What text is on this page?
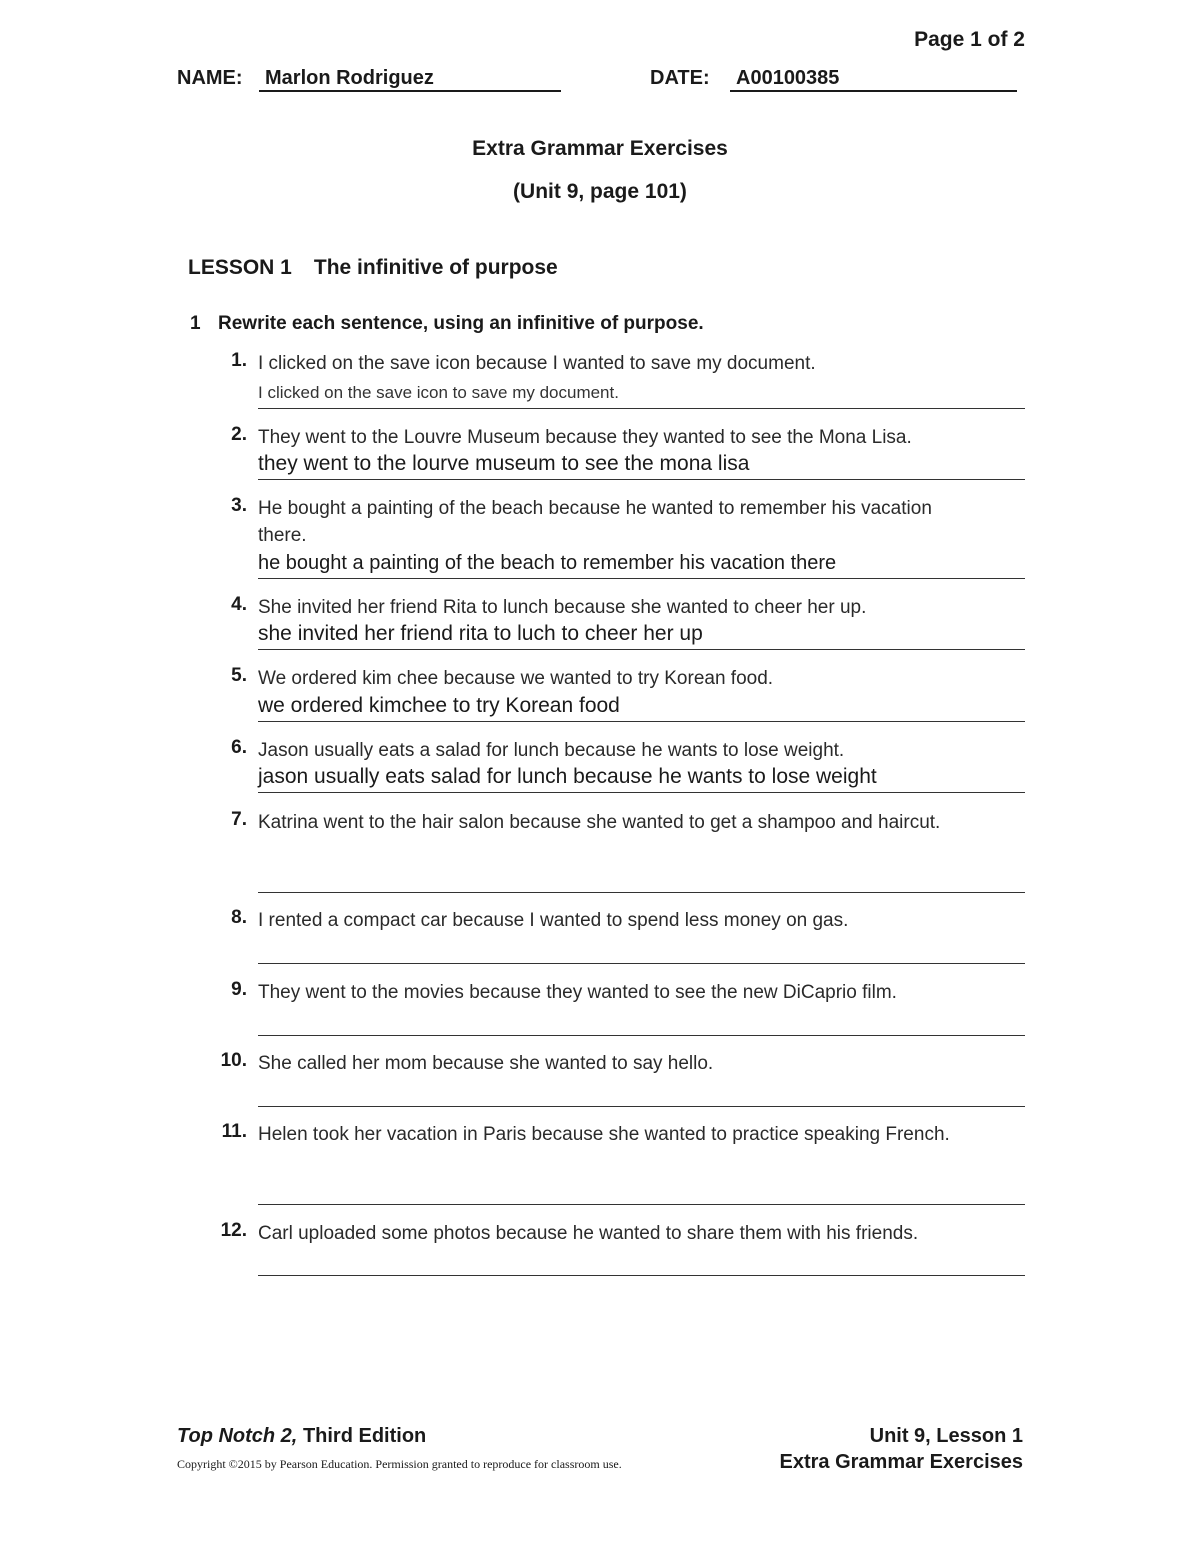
Page 1 of 2
NAME:	Marlon Rodriguez	DATE:	A00100385
Extra Grammar Exercises
(Unit 9, page 101)
LESSON 1 The infinitive of purpose
1 Rewrite each sentence, using an infinitive of purpose.
1. I clicked on the save icon because I wanted to save my document.
I clicked on the save icon to save my document.
2. They went to the Louvre Museum because they wanted to see the Mona Lisa.
they went to the lourve museum to see the mona lisa
3. He bought a painting of the beach because he wanted to remember his vacation there.
he bought a painting of the beach to remember his vacation there
4. She invited her friend Rita to lunch because she wanted to cheer her up.
she invited her friend rita to luch to cheer her up
5. We ordered kim chee because we wanted to try Korean food.
we ordered kimchee to try Korean food
6. Jason usually eats a salad for lunch because he wants to lose weight.
jason usually eats salad for lunch because he wants to lose weight
7. Katrina went to the hair salon because she wanted to get a shampoo and haircut.

8. I rented a compact car because I wanted to spend less money on gas.

9. They went to the movies because they wanted to see the new DiCaprio film.

10. She called her mom because she wanted to say hello.

11. Helen took her vacation in Paris because she wanted to practice speaking French.

12. Carl uploaded some photos because he wanted to share them with his friends.

Top Notch 2, Third Edition
Copyright ©2015 by Pearson Education. Permission granted to reproduce for classroom use.
Unit 9, Lesson 1
Extra Grammar Exercises
